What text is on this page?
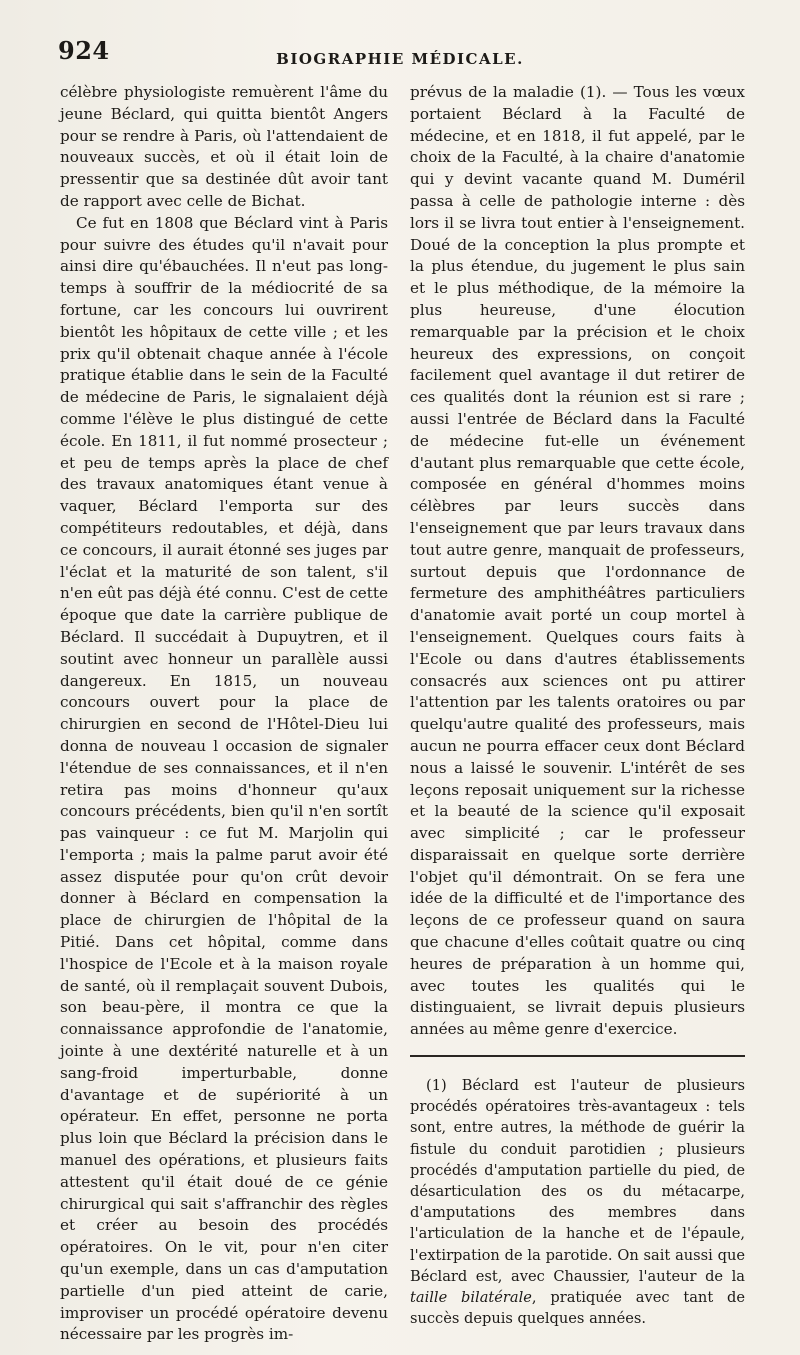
924	BIOGRAPHIE MÉDICALE.

célèbre physiologiste remuèrent l'âme du jeune Béclard, qui quitta bientôt Angers pour se rendre à Paris, où l'attendaient de nouveaux succès, et où il était loin de pressentir que sa destinée dût avoir tant de rapport avec celle de Bichat.

Ce fut en 1808 que Béclard vint à Paris pour suivre des études qu'il n'avait pour ainsi dire qu'ébauchées. Il n'eut pas long-temps à souffrir de la médiocrité de sa fortune, car les concours lui ouvrirent bientôt les hôpitaux de cette ville ; et les prix qu'il obtenait chaque année à l'école pratique établie dans le sein de la Faculté de médecine de Paris, le signalaient déjà comme l'élève le plus distingué de cette école. En 1811, il fut nommé prosecteur ; et peu de temps après la place de chef des travaux anatomiques étant venue à vaquer, Béclard l'emporta sur des compétiteurs redoutables, et déjà, dans ce concours, il aurait étonné ses juges par l'éclat et la maturité de son talent, s'il n'en eût pas déjà été connu. C'est de cette époque que date la carrière publique de Béclard. Il succédait à Dupuytren, et il soutint avec honneur un parallèle aussi dangereux. En 1815, un nouveau concours ouvert pour la place de chirurgien en second de l'Hôtel-Dieu lui donna de nouveau l occasion de signaler l'étendue de ses connaissances, et il n'en retira pas moins d'honneur qu'aux concours précédents, bien qu'il n'en sortît pas vainqueur : ce fut M. Marjolin qui l'emporta ; mais la palme parut avoir été assez disputée pour qu'on crût devoir donner à Béclard en compensation la place de chirurgien de l'hôpital de la Pitié. Dans cet hôpital, comme dans l'hospice de l'Ecole et à la maison royale de santé, où il remplaçait souvent Dubois, son beau-père, il montra ce que la connaissance approfondie de l'anatomie, jointe à une dextérité naturelle et à un sang-froid imperturbable, donne d'avantage et de supériorité à un opérateur. En effet, personne ne porta plus loin que Béclard la précision dans le manuel des opérations, et plusieurs faits attestent qu'il était doué de ce génie chirurgical qui sait s'affranchir des règles et créer au besoin des procédés opératoires. On le vit, pour n'en citer qu'un exemple, dans un cas d'amputation partielle d'un pied atteint de carie, improviser un procédé opératoire devenu nécessaire par les progrès im-

prévus de la maladie (1). — Tous les vœux portaient Béclard à la Faculté de médecine, et en 1818, il fut appelé, par le choix de la Faculté, à la chaire d'anatomie qui y devint vacante quand M. Duméril passa à celle de pathologie interne : dès lors il se livra tout entier à l'enseignement. Doué de la conception la plus prompte et la plus étendue, du jugement le plus sain et le plus méthodique, de la mémoire la plus heureuse, d'une élocution remarquable par la précision et le choix heureux des expressions, on conçoit facilement quel avantage il dut retirer de ces qualités dont la réunion est si rare ; aussi l'entrée de Béclard dans la Faculté de médecine fut-elle un événement d'autant plus remarquable que cette école, composée en général d'hommes moins célèbres par leurs succès dans l'enseignement que par leurs travaux dans tout autre genre, manquait de professeurs, surtout depuis que l'ordonnance de fermeture des amphithéâtres particuliers d'anatomie avait porté un coup mortel à l'enseignement. Quelques cours faits à l'Ecole ou dans d'autres établissements consacrés aux sciences ont pu attirer l'attention par les talents oratoires ou par quelqu'autre qualité des professeurs, mais aucun ne pourra effacer ceux dont Béclard nous a laissé le souvenir. L'intérêt de ses leçons reposait uniquement sur la richesse et la beauté de la science qu'il exposait avec simplicité ; car le professeur disparaissait en quelque sorte derrière l'objet qu'il démontrait. On se fera une idée de la difficulté et de l'importance des leçons de ce professeur quand on saura que chacune d'elles coûtait quatre ou cinq heures de préparation à un homme qui, avec toutes les qualités qui le distinguaient, se livrait depuis plusieurs années au même genre d'exercice.

(1) Béclard est l'auteur de plusieurs procédés opératoires très-avantageux : tels sont, entre autres, la méthode de guérir la fistule du conduit parotidien ; plusieurs procédés d'amputation partielle du pied, de désarticulation des os du métacarpe, d'amputations des membres dans l'articulation de la hanche et de l'épaule, l'extirpation de la parotide. On sait aussi que Béclard est, avec Chaussier, l'auteur de la taille bilatérale, pratiquée avec tant de succès depuis quelques années.
